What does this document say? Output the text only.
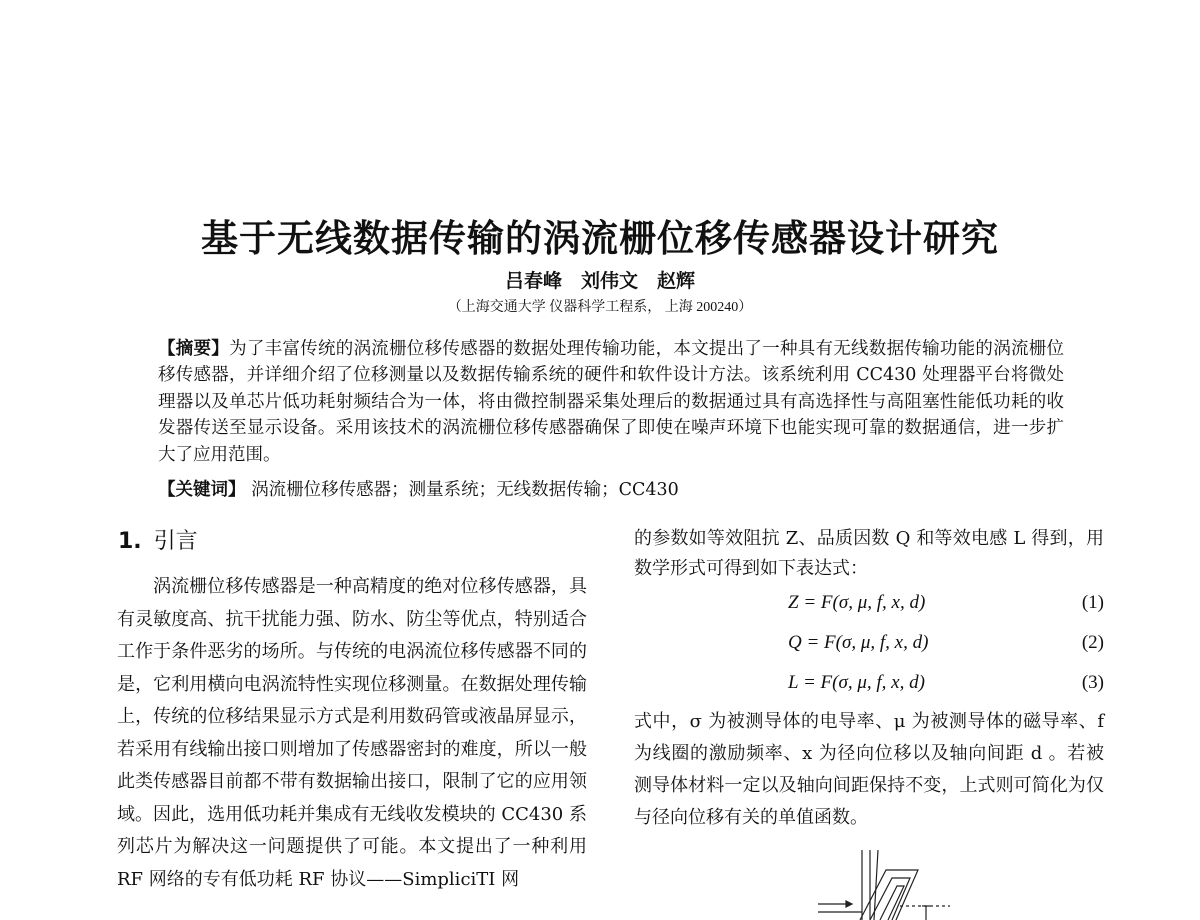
基于无线数据传输的涡流栅位移传感器设计研究
吕春峰　刘伟文　赵辉
（上海交通大学 仪器科学工程系， 上海 200240）
【摘要】为了丰富传统的涡流栅位移传感器的数据处理传输功能，本文提出了一种具有无线数据传输功能的涡流栅位移传感器，并详细介绍了位移测量以及数据传输系统的硬件和软件设计方法。该系统利用 CC430 处理器平台将微处理器以及单芯片低功耗射频结合为一体，将由微控制器采集处理后的数据通过具有高选择性与高阻塞性能低功耗的收发器传送至显示设备。采用该技术的涡流栅位移传感器确保了即使在噪声环境下也能实现可靠的数据通信，进一步扩大了应用范围。
【关键词】 涡流栅位移传感器；测量系统；无线数据传输；CC430
1. 引言

涡流栅位移传感器是一种高精度的绝对位移传感器，具有灵敏度高、抗干扰能力强、防水、防尘等优点，特别适合工作于条件恶劣的场所。与传统的电涡流位移传感器不同的是，它利用横向电涡流特性实现位移测量。在数据处理传输上，传统的位移结果显示方式是利用数码管或液晶屏显示，若采用有线输出接口则增加了传感器密封的难度，所以一般此类传感器目前都不带有数据输出接口，限制了它的应用领域。因此，选用低功耗并集成有无线收发模块的 CC430 系列芯片为解决这一问题提供了可能。本文提出了一种利用 RF 网络的专有低功耗 RF 协议——SimpliciTI 网

的参数如等效阻抗 Z、品质因数 Q 和等效电感 L 得到，用数学形式可得到如下表达式：

Z = F(σ, μ, f, x, d)	(1)
Q = F(σ, μ, f, x, d)	(2)
L = F(σ, μ, f, x, d)	(3)

式中，σ 为被测导体的电导率、μ 为被测导体的磁导率、f 为线圈的激励频率、x 为径向位移以及轴向间距 d 。若被测导体材料一定以及轴向间距保持不变，上式则可简化为仅与径向位移有关的单值函数。
